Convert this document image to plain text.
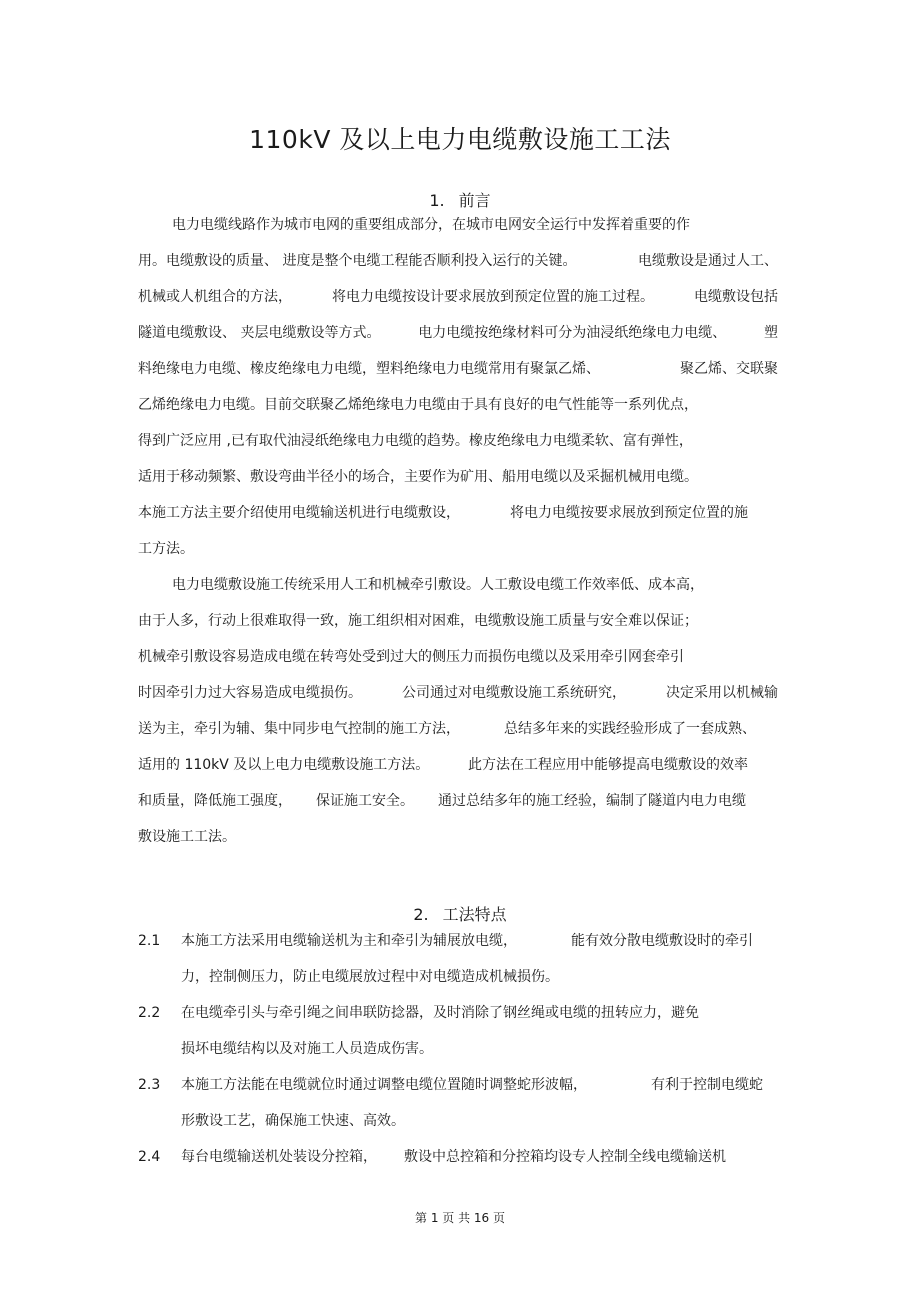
110kV 及以上电力电缆敷设施工工法
1. 前言
电力电缆线路作为城市电网的重要组成部分，在城市电网安全运行中发挥着重要的作
用。电缆敷设的质量、 进度是整个电缆工程能否顺利投入运行的关键。	电缆敷设是通过人工、
机械或人机组合的方法，	将电力电缆按设计要求展放到预定位置的施工过程。	电缆敷设包括
隧道电缆敷设、 夹层电缆敷设等方式。	电力电缆按绝缘材料可分为油浸纸绝缘电力电缆、	塑
料绝缘电力电缆、橡皮绝缘电力电缆，塑料绝缘电力电缆常用有聚氯乙烯、	聚乙烯、交联聚
乙烯绝缘电力电缆。目前交联聚乙烯绝缘电力电缆由于具有良好的电气性能等一系列优点，
得到广泛应用 ,已有取代油浸纸绝缘电力电缆的趋势。橡皮绝缘电力电缆柔软、富有弹性，
适用于移动频繁、敷设弯曲半径小的场合，主要作为矿用、船用电缆以及采掘机械用电缆。
本施工方法主要介绍使用电缆输送机进行电缆敷设，	将电力电缆按要求展放到预定位置的施
工方法。
电力电缆敷设施工传统采用人工和机械牵引敷设。人工敷设电缆工作效率低、成本高，
由于人多，行动上很难取得一致，施工组织相对困难，电缆敷设施工质量与安全难以保证；
机械牵引敷设容易造成电缆在转弯处受到过大的侧压力而损伤电缆以及采用牵引网套牵引
时因牵引力过大容易造成电缆损伤。	公司通过对电缆敷设施工系统研究，	决定采用以机械输
送为主，牵引为辅、集中同步电气控制的施工方法，	总结多年来的实践经验形成了一套成熟、
适用的 110kV 及以上电力电缆敷设施工方法。	此方法在工程应用中能够提高电缆敷设的效率
和质量，降低施工强度， 保证施工安全。 通过总结多年的施工经验，编制了隧道内电力电缆
敷设施工工法。
2. 工法特点
2.1 本施工方法采用电缆输送机为主和牵引为辅展放电缆，	能有效分散电缆敷设时的牵引
力，控制侧压力，防止电缆展放过程中对电缆造成机械损伤。
2.2 在电缆牵引头与牵引绳之间串联防捻器，及时消除了钢丝绳或电缆的扭转应力，避免
损坏电缆结构以及对施工人员造成伤害。
2.3 本施工方法能在电缆就位时通过调整电缆位置随时调整蛇形波幅，	有利于控制电缆蛇
形敷设工艺，确保施工快速、高效。
2.4 每台电缆输送机处装设分控箱， 敷设中总控箱和分控箱均设专人控制全线电缆输送机
第 1 页 共 16 页
